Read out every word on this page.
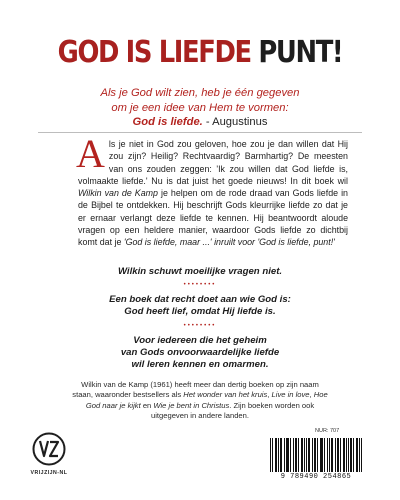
GOD IS LIEFDE PUNT!
Als je God wilt zien, heb je één gegeven
om je een idee van Hem te vormen:
God is liefde. - Augustinus
Als je niet in God zou geloven, hoe zou je dan willen dat Hij zou zijn? Heilig? Rechtvaardig? Barmhartig? De meesten van ons zouden zeggen: 'Ik zou willen dat God liefde is, volmaakte liefde.' Nu is dat juist het goede nieuws! In dit boek wil Wilkin van de Kamp je helpen om de rode draad van Gods liefde in de Bijbel te ontdekken. Hij beschrijft Gods kleurrijke liefde zo dat je er ernaar verlangt deze liefde te kennen. Hij beantwoordt aloude vragen op een heldere manier, waardoor Gods liefde zo dichtbij komt dat je 'God is liefde, maar ...' inruilt voor 'God is liefde, punt!'
Wilkin schuwt moeilijke vragen niet.
••••••••
Een boek dat recht doet aan wie God is:
God heeft lief, omdat Hij liefde is.
••••••••
Voor iedereen die het geheim
van Gods onvoorwaardelijke liefde
wil leren kennen en omarmen.
Wilkin van de Kamp (1961) heeft meer dan dertig boeken op zijn naam staan, waaronder bestsellers als Het wonder van het kruis, Live in love, Hoe God naar je kijkt en Wie je bent in Christus. Zijn boeken worden ook uitgegeven in andere landen.
VRIJZIJN-NL
NUR: 707
9 789490 254865
